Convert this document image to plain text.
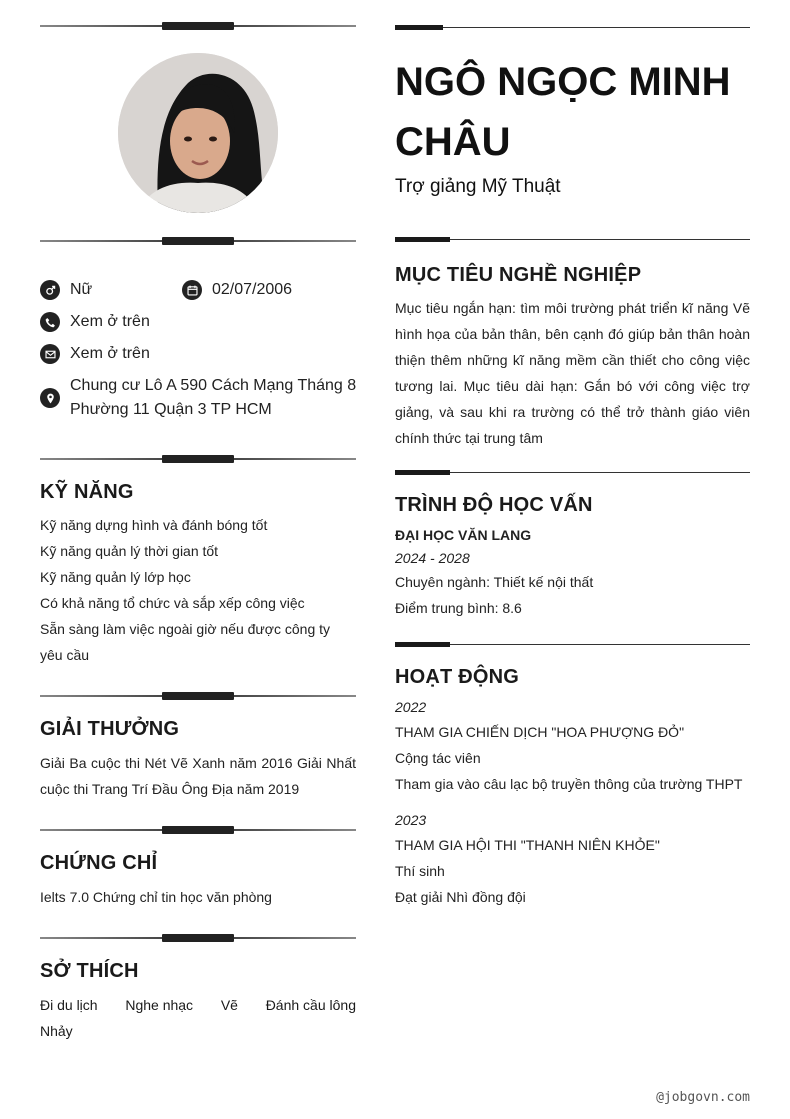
Nữ	02/07/2006
Xem ở trên
Xem ở trên
Chung cư Lô A 590 Cách Mạng Tháng 8 Phường 11 Quận 3 TP HCM
KỸ NĂNG
Kỹ năng dựng hình và đánh bóng tốt
Kỹ năng quản lý thời gian tốt
Kỹ năng quản lý lớp học
Có khả năng tổ chức và sắp xếp công việc
Sẵn sàng làm việc ngoài giờ nếu được công ty yêu cầu
GIẢI THƯỞNG
Giải Ba cuộc thi Nét Vẽ Xanh năm 2016 Giải Nhất cuộc thi Trang Trí Đầu Ông Địa năm 2019
CHỨNG CHỈ
Ielts 7.0 Chứng chỉ tin học văn phòng
SỞ THÍCH
Đi du lịch Nghe nhạc Vẽ Đánh cầu lông
Nhảy
NGÔ NGỌC MINH CHÂU
Trợ giảng Mỹ Thuật
MỤC TIÊU NGHỀ NGHIỆP
Mục tiêu ngắn hạn: tìm môi trường phát triển kĩ năng Vẽ hình họa của bản thân, bên cạnh đó giúp bản thân hoàn thiện thêm những kĩ năng mềm cần thiết cho công việc tương lai. Mục tiêu dài hạn: Gắn bó với công việc trợ giảng, và sau khi ra trường có thể trở thành giáo viên chính thức tại trung tâm
TRÌNH ĐỘ HỌC VẤN
ĐẠI HỌC VĂN LANG
2024 - 2028
Chuyên ngành: Thiết kế nội thất
Điểm trung bình: 8.6
HOẠT ĐỘNG
2022
THAM GIA CHIẾN DỊCH "HOA PHƯỢNG ĐỎ"
Cộng tác viên
Tham gia vào câu lạc bộ truyền thông của trường THPT
2023
THAM GIA HỘI THI "THANH NIÊN KHỎE"
Thí sinh
Đạt giải Nhì đồng đội
@jobgovn.com
